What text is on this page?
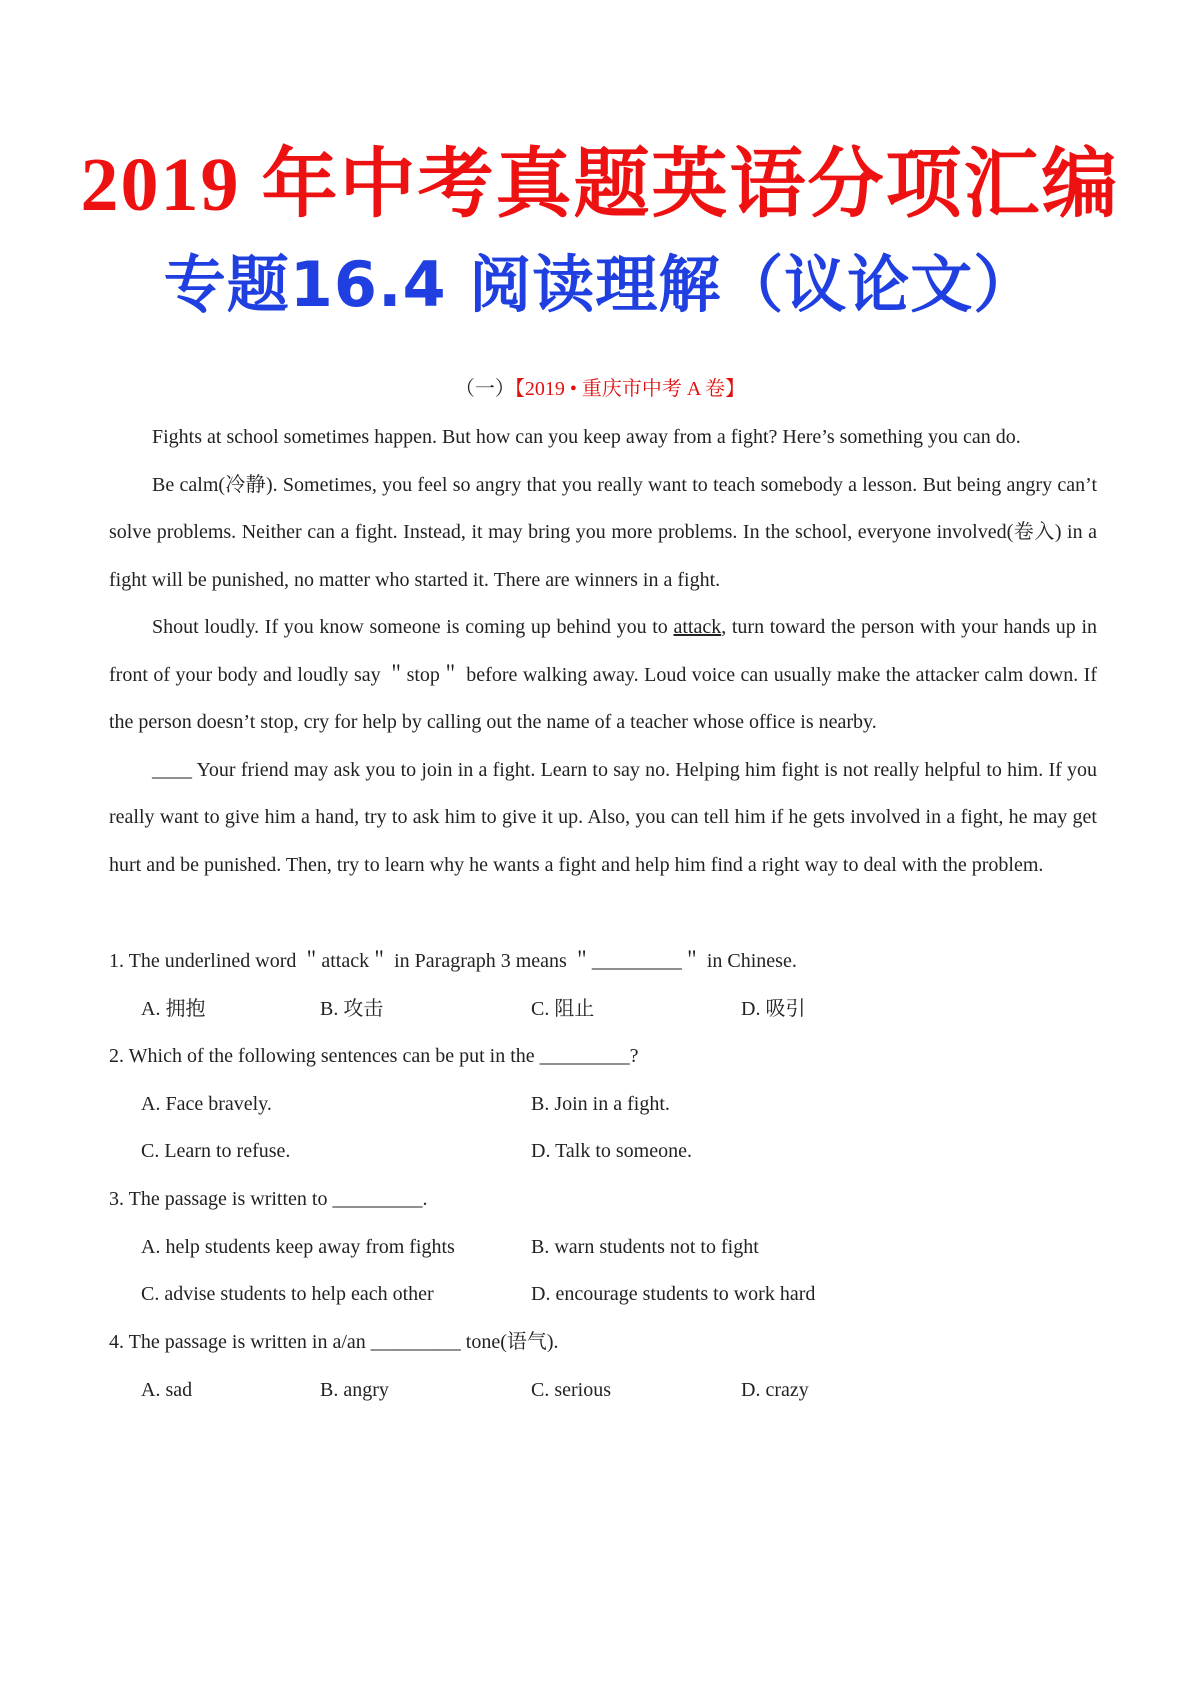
2019 年中考真题英语分项汇编
专题16.4 阅读理解（议论文）
（一）【2019 • 重庆市中考 A 卷】

Fights at school sometimes happen. But how can you keep away from a fight? Here’s something you can do.

Be calm(冷静). Sometimes, you feel so angry that you really want to teach somebody a lesson. But being angry can’t solve problems. Neither can a fight. Instead, it may bring you more problems. In the school, everyone involved(卷入) in a fight will be punished, no matter who started it. There are winners in a fight.

Shout loudly. If you know someone is coming up behind you to attack, turn toward the person with your hands up in front of your body and loudly say ＂stop＂ before walking away. Loud voice can usually make the attacker calm down. If the person doesn’t stop, cry for help by calling out the name of a teacher whose office is nearby.

____ Your friend may ask you to join in a fight. Learn to say no. Helping him fight is not really helpful to him. If you really want to give him a hand, try to ask him to give it up. Also, you can tell him if he gets involved in a fight, he may get hurt and be punished. Then, try to learn why he wants a fight and help him find a right way to deal with the problem.

1. The underlined word ＂attack＂ in Paragraph 3 means ＂_________＂ in Chinese.
A. 拥抱	B. 攻击	C. 阻止	D. 吸引
2. Which of the following sentences can be put in the _________?
A. Face bravely.	B. Join in a fight.
C. Learn to refuse.	D. Talk to someone.
3. The passage is written to _________.
A. help students keep away from fights	B. warn students not to fight
C. advise students to help each other	D. encourage students to work hard
4. The passage is written in a/an _________ tone(语气).
A. sad	B. angry	C. serious	D. crazy
